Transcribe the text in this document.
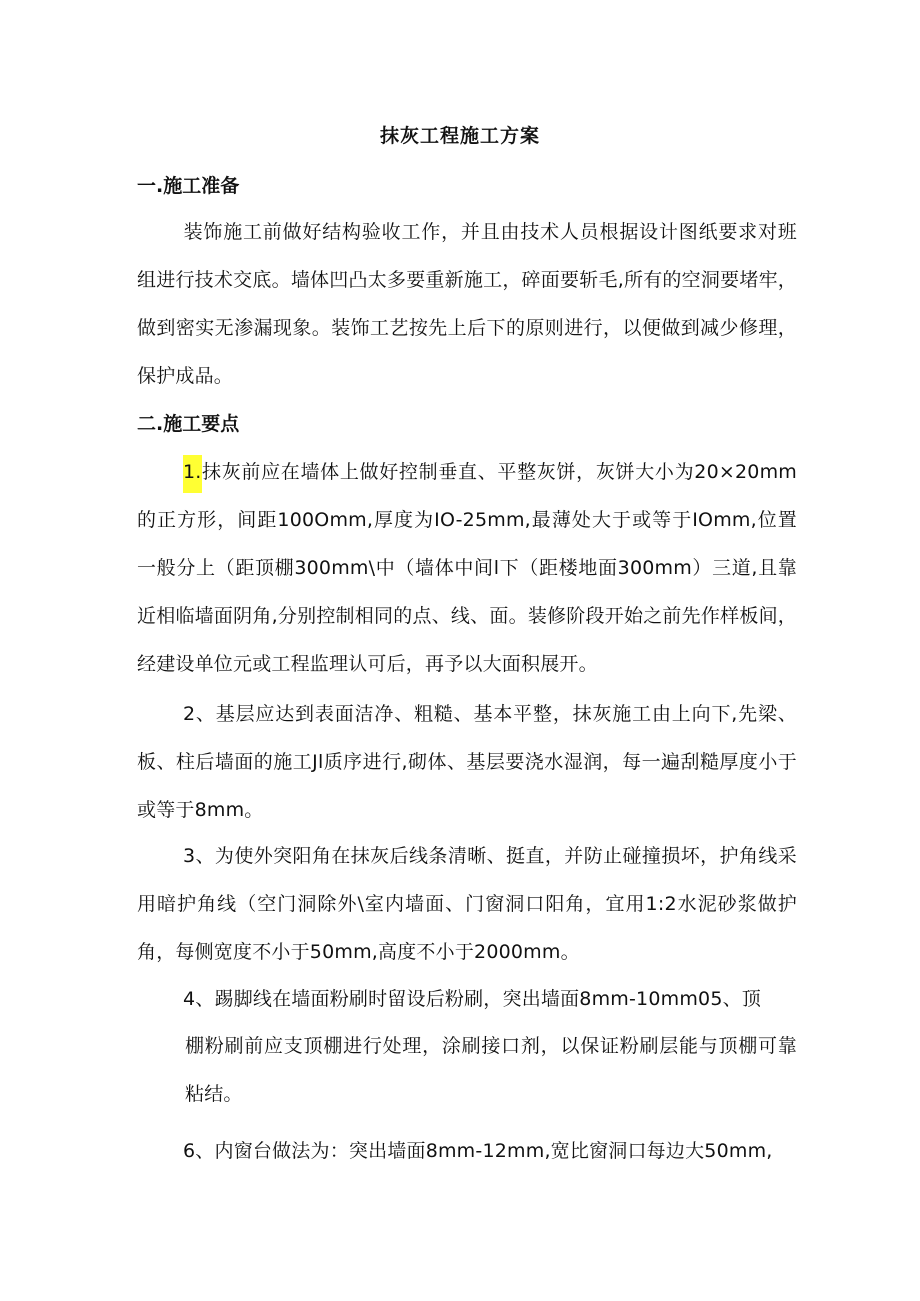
抹灰工程施工方案
一.施工准备
装饰施工前做好结构验收工作，并且由技术人员根据设计图纸要求对班组进行技术交底。墙体凹凸太多要重新施工，碎面要斩毛,所有的空洞要堵牢，做到密实无渗漏现象。装饰工艺按先上后下的原则进行，以便做到减少修理，保护成品。
二.施工要点
1.抹灰前应在墙体上做好控制垂直、平整灰饼，灰饼大小为20×20mm的正方形，间距100Omm,厚度为IO-25mm,最薄处大于或等于IOmm,位置一般分上（距顶棚300mm\中（墙体中间l下（距楼地面300mm）三道,且靠近相临墙面阴角,分别控制相同的点、线、面。装修阶段开始之前先作样板间，经建设单位元或工程监理认可后，再予以大面积展开。
2、基层应达到表面洁净、粗糙、基本平整，抹灰施工由上向下,先梁、板、柱后墙面的施工Jl质序进行,砌体、基层要浇水湿润，每一遍刮糙厚度小于或等于8mm。
3、为使外突阳角在抹灰后线条清晰、挺直，并防止碰撞损坏，护角线采用暗护角线（空门洞除外\室内墙面、门窗洞口阳角，宜用1:2水泥砂浆做护角，每侧宽度不小于50mm,高度不小于2000mm。
4、踢脚线在墙面粉刷时留设后粉刷，突出墙面8mm-10mm05、顶
棚粉刷前应支顶棚进行处理，涂刷接口剂，以保证粉刷层能与顶棚可靠粘结。
6、内窗台做法为：突出墙面8mm-12mm,宽比窗洞口每边大50mm,
